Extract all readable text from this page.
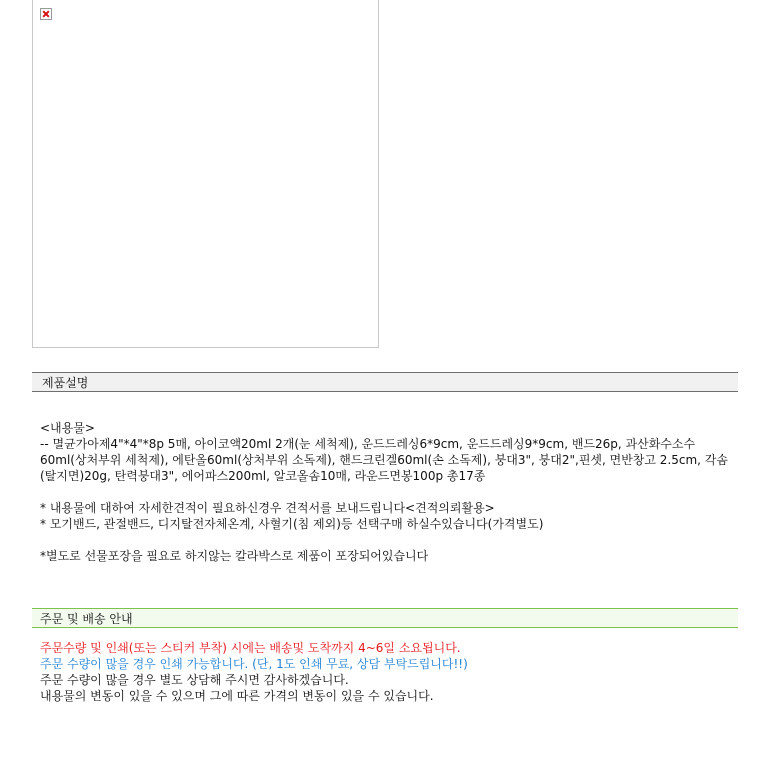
제품설명

<내용물>

-- 멸균가아제4"*4"*8p 5매, 아이코액20ml 2개(눈 세척제), 운드드레싱6*9cm, 운드드레싱9*9cm, 밴드26p, 과산화수소수60ml(상처부위 세척제), 에탄올60ml(상처부위 소독제), 핸드크린겔60ml(손 소독제), 붕대3", 붕대2",핀셋, 면반창고 2.5cm, 각솜(탈지면)20g, 탄력붕대3", 에어파스200ml, 알코올솜10매, 라운드면봉100p 총17종

* 내용물에 대하여 자세한견적이 필요하신경우 견적서를 보내드립니다<견적의뢰활용>

* 모기밴드, 관절밴드, 디지탈전자체온계, 사혈기(침 제외)등 선택구매 하실수있습니다(가격별도)

*별도로 선물포장을 필요로 하지않는 칼라박스로 제품이 포장되어있습니다

주문 및 배송 안내

주문수량 및 인쇄(또는 스티커 부착) 시에는 배송및 도착까지 4~6일 소요됩니다.

주문 수량이 많을 경우 인쇄 가능합니다. (단, 1도 인쇄 무료, 상담 부탁드립니다!!)

주문 수량이 많을 경우 별도 상담해 주시면 감사하겠습니다.

내용물의 변동이 있을 수 있으며 그에 따른 가격의 변동이 있을 수 있습니다.
